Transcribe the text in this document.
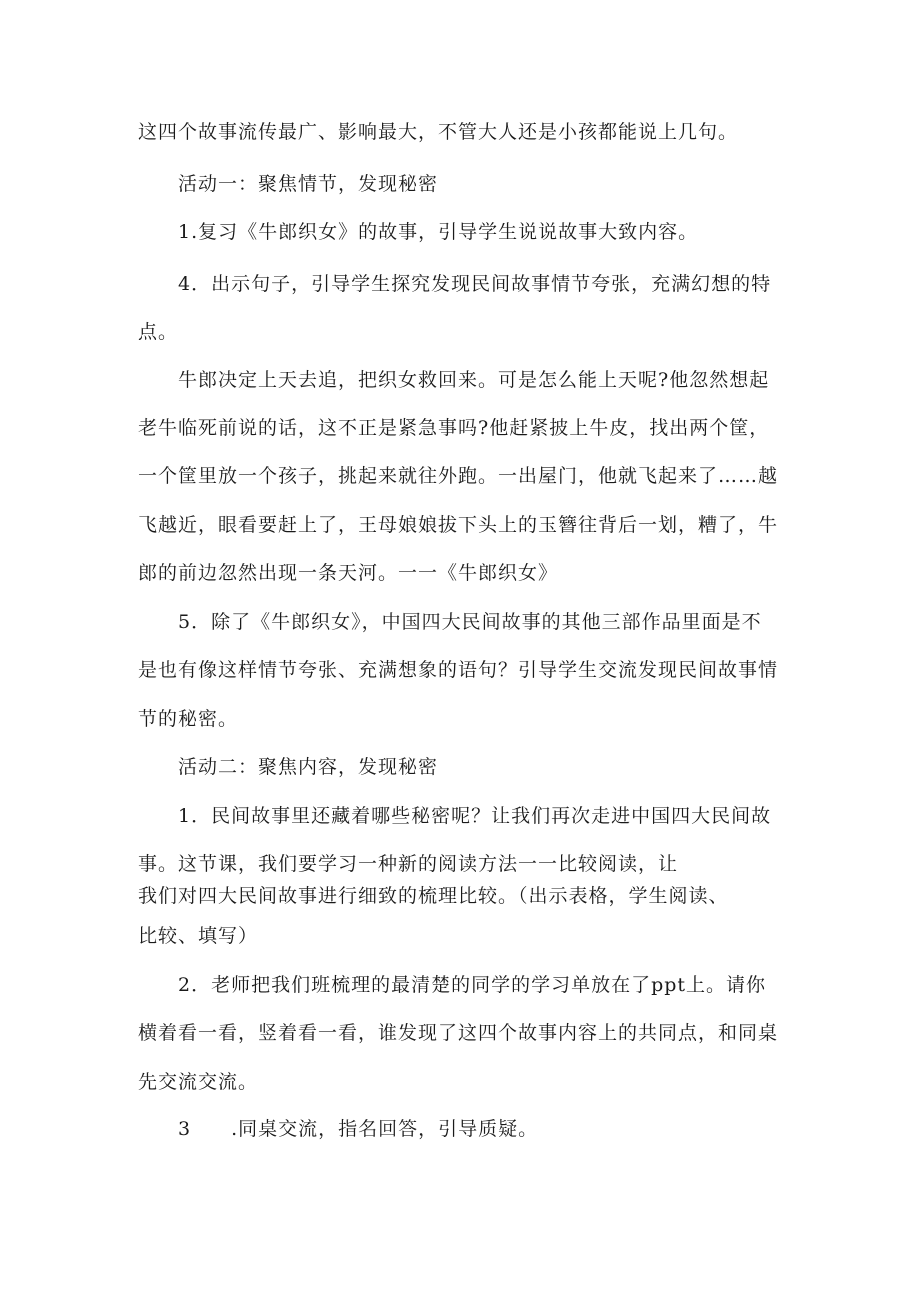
这四个故事流传最广、影响最大，不管大人还是小孩都能说上几句。
活动一：聚焦情节，发现秘密
1.复习《牛郎织女》的故事，引导学生说说故事大致内容。
4．出示句子，引导学生探究发现民间故事情节夸张，充满幻想的特
点。
牛郎决定上天去追，把织女救回来。可是怎么能上天呢?他忽然想起
老牛临死前说的话，这不正是紧急事吗?他赶紧披上牛皮，找出两个筐，
一个筐里放一个孩子，挑起来就往外跑。一出屋门，他就飞起来了……越
飞越近，眼看要赶上了，王母娘娘拔下头上的玉簪往背后一划，糟了，牛
郎的前边忽然出现一条天河。一一《牛郎织女》
5．除了《牛郎织女》，中国四大民间故事的其他三部作品里面是不
是也有像这样情节夸张、充满想象的语句？引导学生交流发现民间故事情
节的秘密。
活动二：聚焦内容，发现秘密
1．民间故事里还藏着哪些秘密呢？让我们再次走进中国四大民间故
事。这节课，我们要学习一种新的阅读方法一一比较阅读，让
我们对四大民间故事进行细致的梳理比较。（出示表格，学生阅读、
比较、填写）
2．老师把我们班梳理的最清楚的同学的学习单放在了ppt上。请你
横着看一看，竖着看一看，谁发现了这四个故事内容上的共同点，和同桌
先交流交流。
3　　.同桌交流，指名回答，引导质疑。
